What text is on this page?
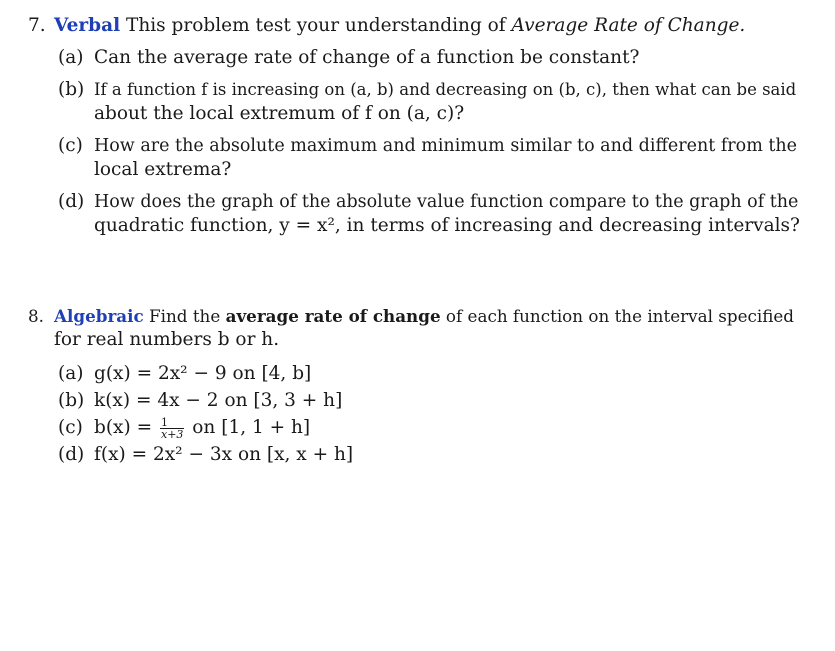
7. Verbal This problem test your understanding of Average Rate of Change.
(a) Can the average rate of change of a function be constant?
(b) If a function f is increasing on (a, b) and decreasing on (b, c), then what can be said
about the local extremum of f on (a, c)?
(c) How are the absolute maximum and minimum similar to and different from the
local extrema?
(d) How does the graph of the absolute value function compare to the graph of the
quadratic function, y = x², in terms of increasing and decreasing intervals?
8. Algebraic Find the average rate of change of each function on the interval specified
for real numbers b or h.
(a) g(x) = 2x² − 9 on [4, b]
(b) k(x) = 4x − 2 on [3, 3 + h]
(c) $b(x) = \frac{1}{x+3}$ on [1, 1 + h]
(d) f(x) = 2x² − 3x on [x, x + h]
